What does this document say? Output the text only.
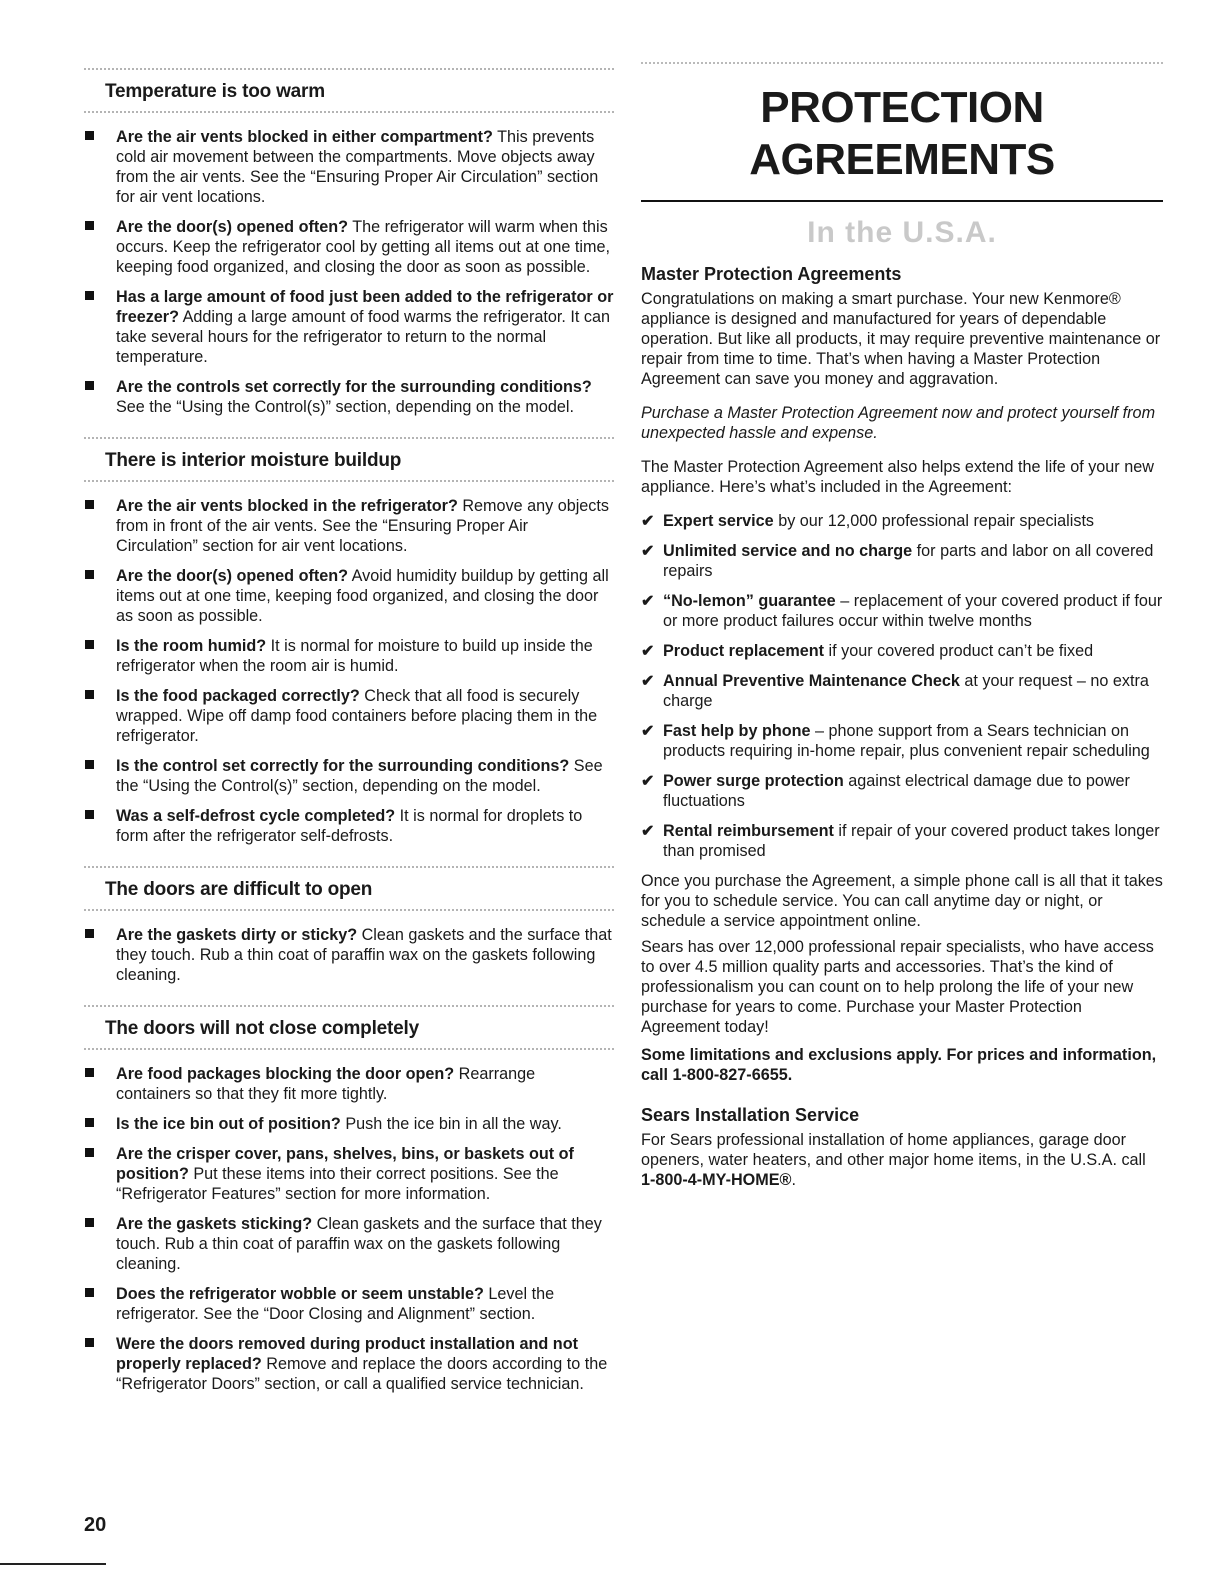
Temperature is too warm
Are the air vents blocked in either compartment? This prevents cold air movement between the compartments. Move objects away from the air vents. See the “Ensuring Proper Air Circulation” section for air vent locations.
Are the door(s) opened often? The refrigerator will warm when this occurs. Keep the refrigerator cool by getting all items out at one time, keeping food organized, and closing the door as soon as possible.
Has a large amount of food just been added to the refrigerator or freezer? Adding a large amount of food warms the refrigerator. It can take several hours for the refrigerator to return to the normal temperature.
Are the controls set correctly for the surrounding conditions? See the “Using the Control(s)” section, depending on the model.
There is interior moisture buildup
Are the air vents blocked in the refrigerator? Remove any objects from in front of the air vents. See the “Ensuring Proper Air Circulation” section for air vent locations.
Are the door(s) opened often? Avoid humidity buildup by getting all items out at one time, keeping food organized, and closing the door as soon as possible.
Is the room humid? It is normal for moisture to build up inside the refrigerator when the room air is humid.
Is the food packaged correctly? Check that all food is securely wrapped. Wipe off damp food containers before placing them in the refrigerator.
Is the control set correctly for the surrounding conditions? See the “Using the Control(s)” section, depending on the model.
Was a self-defrost cycle completed? It is normal for droplets to form after the refrigerator self-defrosts.
The doors are difficult to open
Are the gaskets dirty or sticky? Clean gaskets and the surface that they touch. Rub a thin coat of paraffin wax on the gaskets following cleaning.
The doors will not close completely
Are food packages blocking the door open? Rearrange containers so that they fit more tightly.
Is the ice bin out of position? Push the ice bin in all the way.
Are the crisper cover, pans, shelves, bins, or baskets out of position? Put these items into their correct positions. See the “Refrigerator Features” section for more information.
Are the gaskets sticking? Clean gaskets and the surface that they touch. Rub a thin coat of paraffin wax on the gaskets following cleaning.
Does the refrigerator wobble or seem unstable? Level the refrigerator. See the “Door Closing and Alignment” section.
Were the doors removed during product installation and not properly replaced? Remove and replace the doors according to the “Refrigerator Doors” section, or call a qualified service technician.
20
PROTECTION
AGREEMENTS
In the U.S.A.
Master Protection Agreements

Congratulations on making a smart purchase. Your new Kenmore® appliance is designed and manufactured for years of dependable operation. But like all products, it may require preventive maintenance or repair from time to time. That’s when having a Master Protection Agreement can save you money and aggravation.

Purchase a Master Protection Agreement now and protect yourself from unexpected hassle and expense.

The Master Protection Agreement also helps extend the life of your new appliance. Here’s what’s included in the Agreement:

✔ Expert service by our 12,000 professional repair specialists
✔ Unlimited service and no charge for parts and labor on all covered repairs
✔ “No-lemon” guarantee – replacement of your covered product if four or more product failures occur within twelve months
✔ Product replacement if your covered product can’t be fixed
✔ Annual Preventive Maintenance Check at your request – no extra charge
✔ Fast help by phone – phone support from a Sears technician on products requiring in-home repair, plus convenient repair scheduling
✔ Power surge protection against electrical damage due to power fluctuations
✔ Rental reimbursement if repair of your covered product takes longer than promised

Once you purchase the Agreement, a simple phone call is all that it takes for you to schedule service. You can call anytime day or night, or schedule a service appointment online.

Sears has over 12,000 professional repair specialists, who have access to over 4.5 million quality parts and accessories. That’s the kind of professionalism you can count on to help prolong the life of your new purchase for years to come. Purchase your Master Protection Agreement today!

Some limitations and exclusions apply. For prices and information, call 1-800-827-6655.

Sears Installation Service

For Sears professional installation of home appliances, garage door openers, water heaters, and other major home items, in the U.S.A. call 1-800-4-MY-HOME®.
